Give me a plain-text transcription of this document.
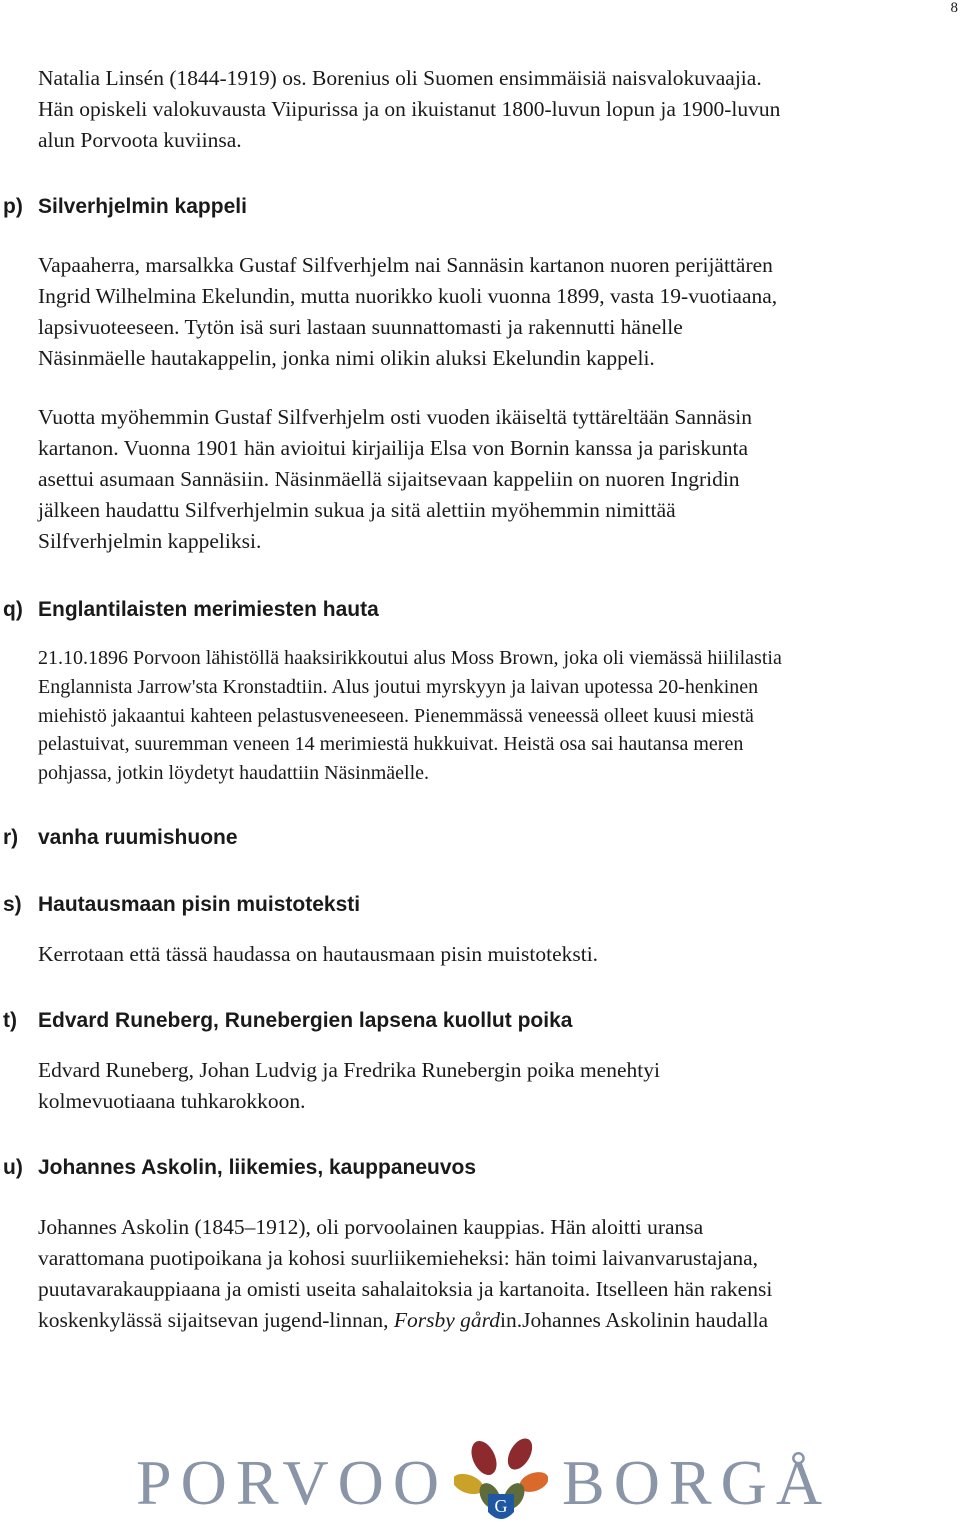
8
Natalia Linsén (1844-1919) os. Borenius oli Suomen ensimmäisiä naisvalokuvaajia.
Hän opiskeli valokuvausta Viipurissa ja on ikuistanut 1800-luvun lopun ja 1900-luvun
alun Porvoota kuviinsa.
p) Silverhjelmin kappeli
Vapaaherra, marsalkka Gustaf Silfverhjelm nai Sannäsin kartanon nuoren perijättären
Ingrid Wilhelmina Ekelundin, mutta nuorikko kuoli vuonna 1899, vasta 19-vuotiaana,
lapsivuoteeseen. Tytön isä suri lastaan suunnattomasti ja rakennutti hänelle
Näsinmäelle hautakappelin, jonka nimi olikin aluksi Ekelundin kappeli.
Vuotta myöhemmin Gustaf Silfverhjelm osti vuoden ikäiseltä tyttäreltään Sannäsin
kartanon. Vuonna 1901 hän avioitui kirjailija Elsa von Bornin kanssa ja pariskunta
asettui asumaan Sannäsiin. Näsinmäellä sijaitsevaan kappeliin on nuoren Ingridin
jälkeen haudattu Silfverhjelmin sukua ja sitä alettiin myöhemmin nimittää
Silfverhjelmin kappeliksi.
q) Englantilaisten merimiesten hauta
21.10.1896 Porvoon lähistöllä haaksirikkoutui alus Moss Brown, joka oli viemässä hiililastia
Englannista Jarrow'sta Kronstadtiin. Alus joutui myrskyyn ja laivan upotessa 20-henkinen
miehistö jakaantui kahteen pelastusveneeseen. Pienemmässä veneessä olleet kuusi miestä
pelastuivat, suuremman veneen 14 merimiestä hukkuivat. Heistä osa sai hautansa meren
pohjassa, jotkin löydetyt haudattiin Näsinmäelle.
r) vanha ruumishuone
s) Hautausmaan pisin muistoteksti
Kerrotaan että tässä haudassa on hautausmaan pisin muistoteksti.
t) Edvard Runeberg, Runebergien lapsena kuollut poika
Edvard Runeberg, Johan Ludvig ja Fredrika Runebergin poika menehtyi
kolmevuotiaana tuhkarokkoon.
u) Johannes Askolin, liikemies, kauppaneuvos
Johannes Askolin (1845–1912), oli porvoolainen kauppias. Hän aloitti uransa
varattomana puotipoikana ja kohosi suurliikemieheksi: hän toimi laivanvarustajana,
puutavarakauppiaana ja omisti useita sahalaitoksia ja kartanoita. Itselleen hän rakensi
koskenkylässä sijaitsevan jugend-linnan, Forsby gårdin.Johannes Askolinin haudalla
PORVOO	G BORGÅ
